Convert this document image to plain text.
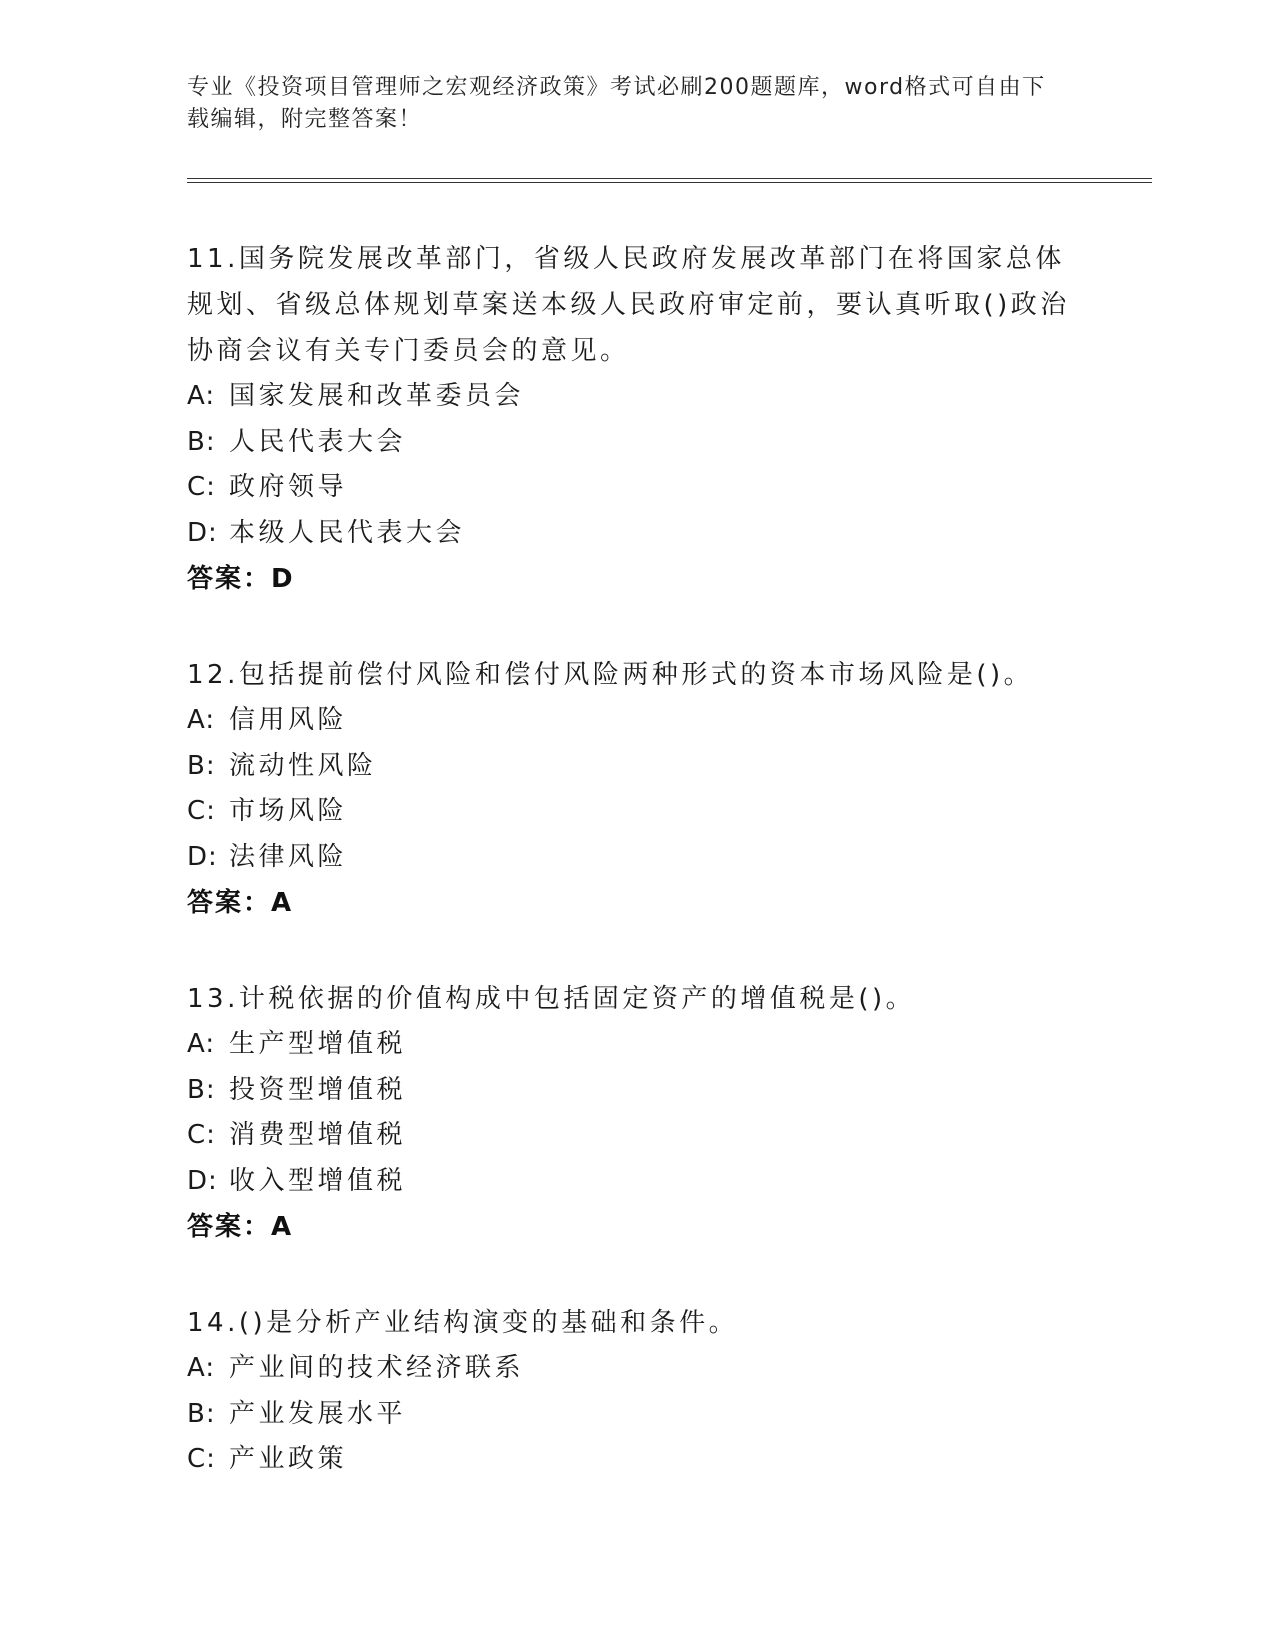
专业《投资项目管理师之宏观经济政策》考试必刷200题题库，word格式可自由下载编辑，附完整答案！
11.国务院发展改革部门，省级人民政府发展改革部门在将国家总体规划、省级总体规划草案送本级人民政府审定前，要认真听取()政治协商会议有关专门委员会的意见。
A: 国家发展和改革委员会
B: 人民代表大会
C: 政府领导
D: 本级人民代表大会
答案：D
12.包括提前偿付风险和偿付风险两种形式的资本市场风险是()。
A: 信用风险
B: 流动性风险
C: 市场风险
D: 法律风险
答案：A
13.计税依据的价值构成中包括固定资产的增值税是()。
A: 生产型增值税
B: 投资型增值税
C: 消费型增值税
D: 收入型增值税
答案：A
14.()是分析产业结构演变的基础和条件。
A: 产业间的技术经济联系
B: 产业发展水平
C: 产业政策
